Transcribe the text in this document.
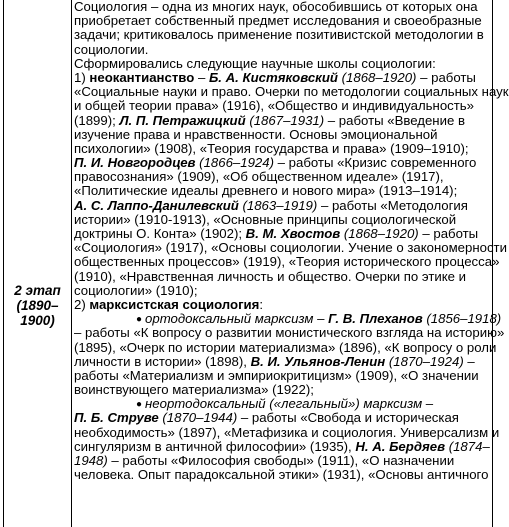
2 этап
(1890–
1900)
Социология – одна из многих наук, обособившись от которых она
приобретает собственный предмет исследования и своеобразные
задачи; критиковалось применение позитивистской методологии в
социологии.
Сформировались следующие научные школы социологии:
1) неокантианство – Б. А. Кистяковский (1868–1920) – работы
«Социальные науки и право. Очерки по методологии социальных наук
и общей теории права» (1916), «Общество и индивидуальность»
(1899); Л. П. Петражицкий (1867–1931) – работы «Введение в
изучение права и нравственности. Основы эмоциональной
психологии» (1908), «Теория государства и права» (1909–1910);
П. И. Новгородцев (1866–1924) – работы «Кризис современного
правосознания» (1909), «Об общественном идеале» (1917),
«Политические идеалы древнего и нового мира» (1913–1914);
А. С. Лаппо-Данилевский (1863–1919) – работы «Методология
истории» (1910-1913), «Основные принципы социологической
доктрины О. Конта» (1902); В. М. Хвостов (1868–1920) – работы
«Социология» (1917), «Основы социологии. Учение о закономерности
общественных процессов» (1919), «Теория исторического процесса»
(1910), «Нравственная личность и общество. Очерки по этике и
социологии» (1910);
2) марксистская социология:
● ортодоксальный марксизм – Г. В. Плеханов (1856–1918)
– работы «К вопросу о развитии монистического взгляда на историю»
(1895), «Очерк по истории материализма» (1896), «К вопросу о роли
личности в истории» (1898), В. И. Ульянов-Ленин (1870–1924) –
работы «Материализм и эмпириокритицизм» (1909), «О значении
воинствующего материализма» (1922);
● неортодоксальный («легальный») марксизм –
П. Б. Струве (1870–1944) – работы «Свобода и историческая
необходимость» (1897), «Метафизика и социология. Универсализм и
сингуляризм в античной философии» (1935), Н. А. Бердяев (1874–
1948) – работы «Философия свободы» (1911), «О назначении
человека. Опыт парадоксальной этики» (1931), «Основы античного
